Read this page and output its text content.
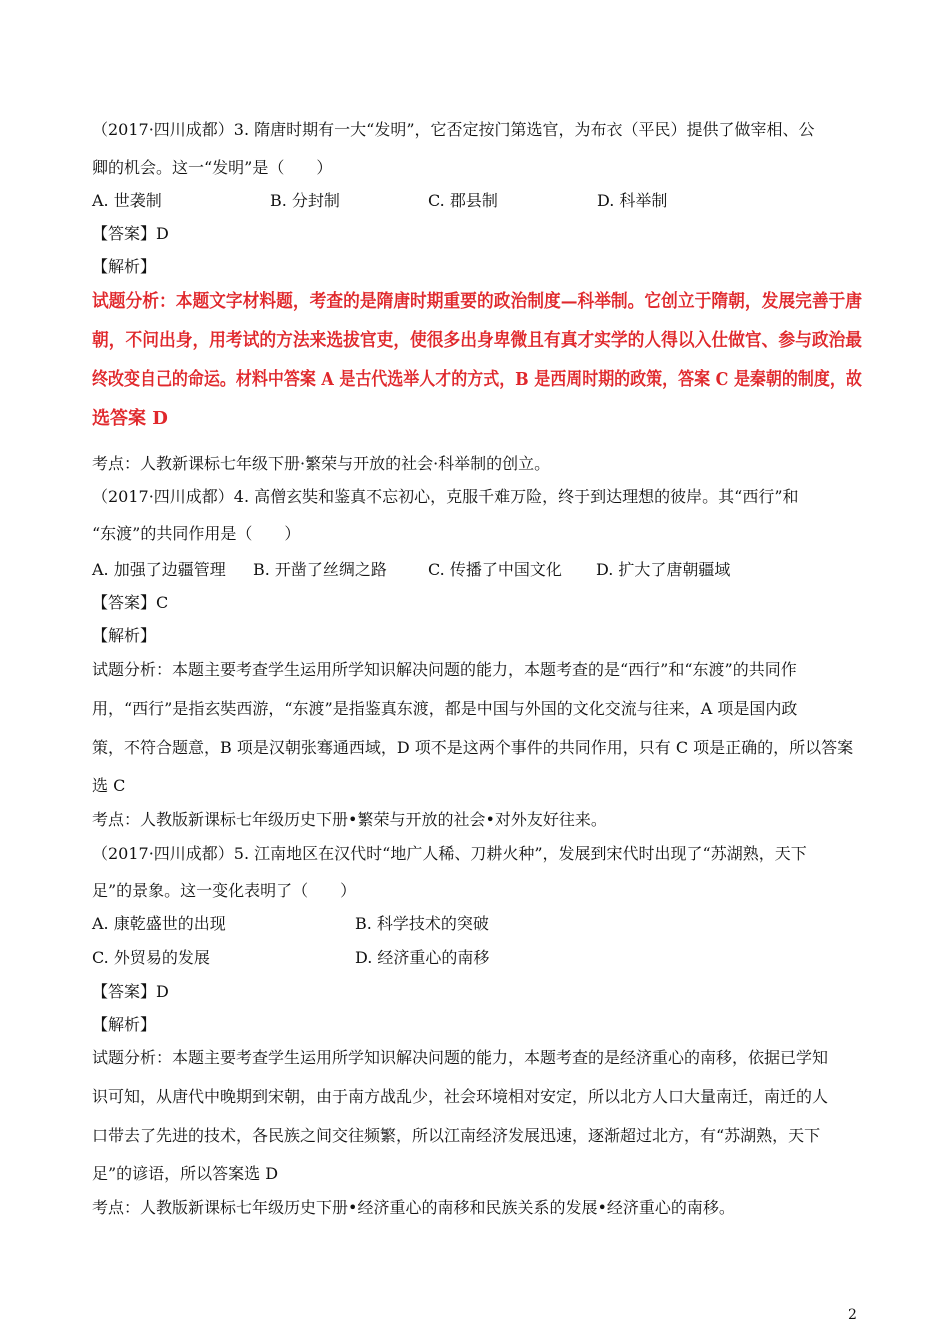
（2017·四川成都）3. 隋唐时期有一大“发明”，它否定按门第选官，为布衣（平民）提供了做宰相、公

卿的机会。这一“发明”是（　　）

A. 世袭制	B. 分封制	C. 郡县制	D. 科举制

【答案】D

【解析】

试题分析：本题文字材料题，考查的是隋唐时期重要的政治制度—科举制。它创立于隋朝，发展完善于唐

朝，不问出身，用考试的方法来选拔官吏，使很多出身卑微且有真才实学的人得以入仕做官、参与政治最

终改变自己的命运。材料中答案 A 是古代选举人才的方式，B 是西周时期的政策，答案 C 是秦朝的制度，故

选答案 D

考点：人教新课标七年级下册·繁荣与开放的社会·科举制的创立。

（2017·四川成都）4. 高僧玄奘和鉴真不忘初心，克服千难万险，终于到达理想的彼岸。其“西行”和

“东渡”的共同作用是（　　）

A. 加强了边疆管理 B. 开凿了丝绸之路	C. 传播了中国文化 D. 扩大了唐朝疆域

【答案】C

【解析】

试题分析：本题主要考查学生运用所学知识解决问题的能力，本题考查的是“西行”和“东渡”的共同作

用，“西行”是指玄奘西游，“东渡”是指鉴真东渡，都是中国与外国的文化交流与往来，A 项是国内政

策，不符合题意，B 项是汉朝张骞通西域，D 项不是这两个事件的共同作用，只有 C 项是正确的，所以答案

选 C

考点：人教版新课标七年级历史下册•繁荣与开放的社会•对外友好往来。

（2017·四川成都）5. 江南地区在汉代时“地广人稀、刀耕火种”，发展到宋代时出现了“苏湖熟，天下

足”的景象。这一变化表明了（　　）

A. 康乾盛世的出现	B. 科学技术的突破
C. 外贸易的发展	D. 经济重心的南移

【答案】D

【解析】

试题分析：本题主要考查学生运用所学知识解决问题的能力，本题考查的是经济重心的南移，依据已学知

识可知，从唐代中晚期到宋朝，由于南方战乱少，社会环境相对安定，所以北方人口大量南迁，南迁的人

口带去了先进的技术，各民族之间交往频繁，所以江南经济发展迅速，逐渐超过北方，有“苏湖熟，天下

足”的谚语，所以答案选 D

考点：人教版新课标七年级历史下册•经济重心的南移和民族关系的发展•经济重心的南移。

2
